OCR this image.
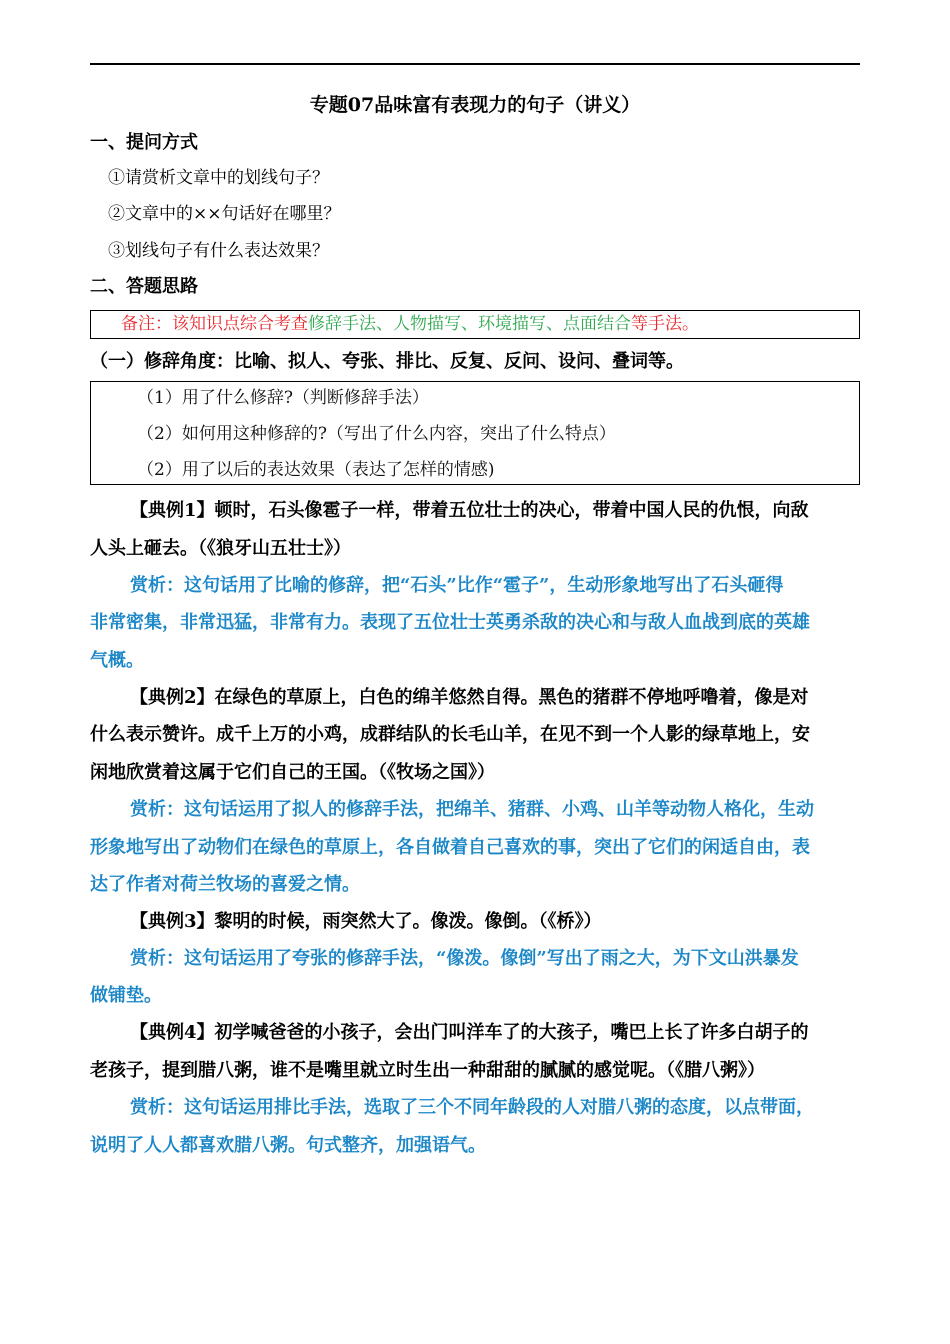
专题07品味富有表现力的句子（讲义）
一、提问方式
①请赏析文章中的划线句子？
②文章中的××句话好在哪里？
③划线句子有什么表达效果？
二、答题思路
备注：该知识点综合考查修辞手法、人物描写、环境描写、点面结合等手法。
（一）修辞角度：比喻、拟人、夸张、排比、反复、反问、设问、叠词等。
（1）用了什么修辞?（判断修辞手法）
（2）如何用这种修辞的?（写出了什么内容，突出了什么特点）
（2）用了以后的表达效果（表达了怎样的情感)
【典例1】顿时，石头像雹子一样，带着五位壮士的决心，带着中国人民的仇恨，向敌
人头上砸去。（《狼牙山五壮士》）
赏析：这句话用了比喻的修辞，把“石头”比作“雹子”，生动形象地写出了石头砸得
非常密集，非常迅猛，非常有力。表现了五位壮士英勇杀敌的决心和与敌人血战到底的英雄
气概。
【典例2】在绿色的草原上，白色的绵羊悠然自得。黑色的猪群不停地呼噜着，像是对
什么表示赞许。成千上万的小鸡，成群结队的长毛山羊，在见不到一个人影的绿草地上，安
闲地欣赏着这属于它们自己的王国。（《牧场之国》）
赏析：这句话运用了拟人的修辞手法，把绵羊、猪群、小鸡、山羊等动物人格化，生动
形象地写出了动物们在绿色的草原上，各自做着自己喜欢的事，突出了它们的闲适自由，表
达了作者对荷兰牧场的喜爱之情。
【典例3】黎明的时候，雨突然大了。像泼。像倒。（《桥》）
赏析：这句话运用了夸张的修辞手法，“像泼。像倒”写出了雨之大，为下文山洪暴发
做铺垫。
【典例4】初学喊爸爸的小孩子，会出门叫洋车了的大孩子，嘴巴上长了许多白胡子的
老孩子，提到腊八粥，谁不是嘴里就立时生出一种甜甜的腻腻的感觉呢。（《腊八粥》）
赏析：这句话运用排比手法，选取了三个不同年龄段的人对腊八粥的态度，以点带面，
说明了人人都喜欢腊八粥。句式整齐，加强语气。
